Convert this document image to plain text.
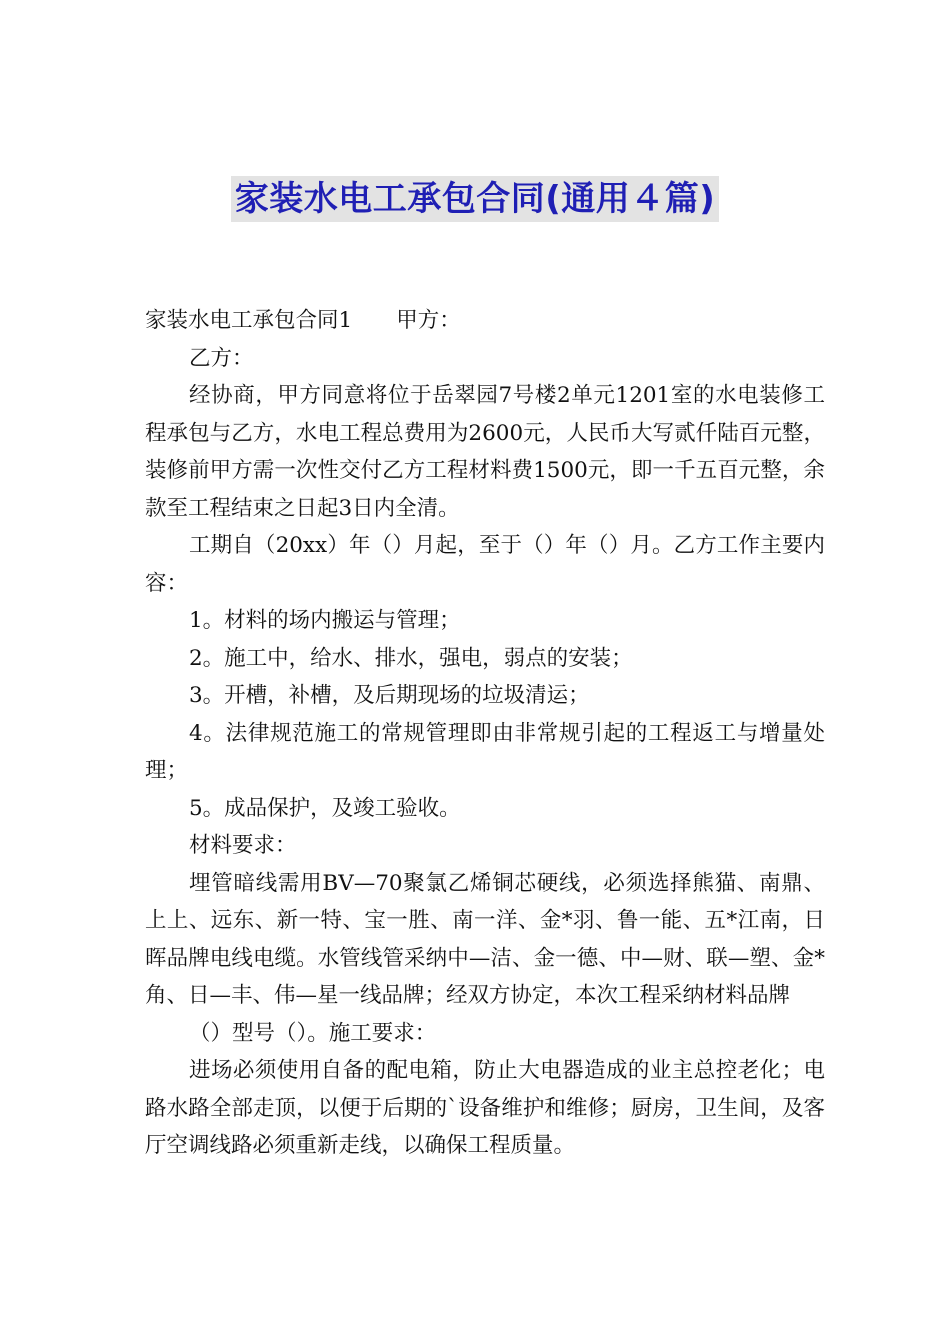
家装水电工承包合同(通用４篇)

家装水电工承包合同1 甲方：

乙方：

经协商，甲方同意将位于岳翠园7号楼2单元1201室的水电装修工程承包与乙方，水电工程总费用为2600元，人民币大写贰仟陆百元整，装修前甲方需一次性交付乙方工程材料费1500元，即一千五百元整，余款至工程结束之日起3日内全清。

工期自（20xx）年（）月起，至于（）年（）月。乙方工作主要内容：

1。材料的场内搬运与管理；

2。施工中，给水、排水，强电，弱点的安装；

3。开槽，补槽，及后期现场的垃圾清运；

4。法律规范施工的常规管理即由非常规引起的工程返工与增量处理；

5。成品保护，及竣工验收。

材料要求：

埋管暗线需用BV—70聚氯乙烯铜芯硬线，必须选择熊猫、南鼎、上上、远东、新一特、宝一胜、南一洋、金*羽、鲁一能、五*江南，日晖品牌电线电缆。水管线管采纳中—洁、金一德、中—财、联—塑、金*角、日—丰、伟—星一线品牌；经双方协定，本次工程采纳材料品牌

（）型号（）。施工要求：

进场必须使用自备的配电箱，防止大电器造成的业主总控老化；电路水路全部走顶，以便于后期的`设备维护和维修；厨房，卫生间，及客厅空调线路必须重新走线，以确保工程质量。
